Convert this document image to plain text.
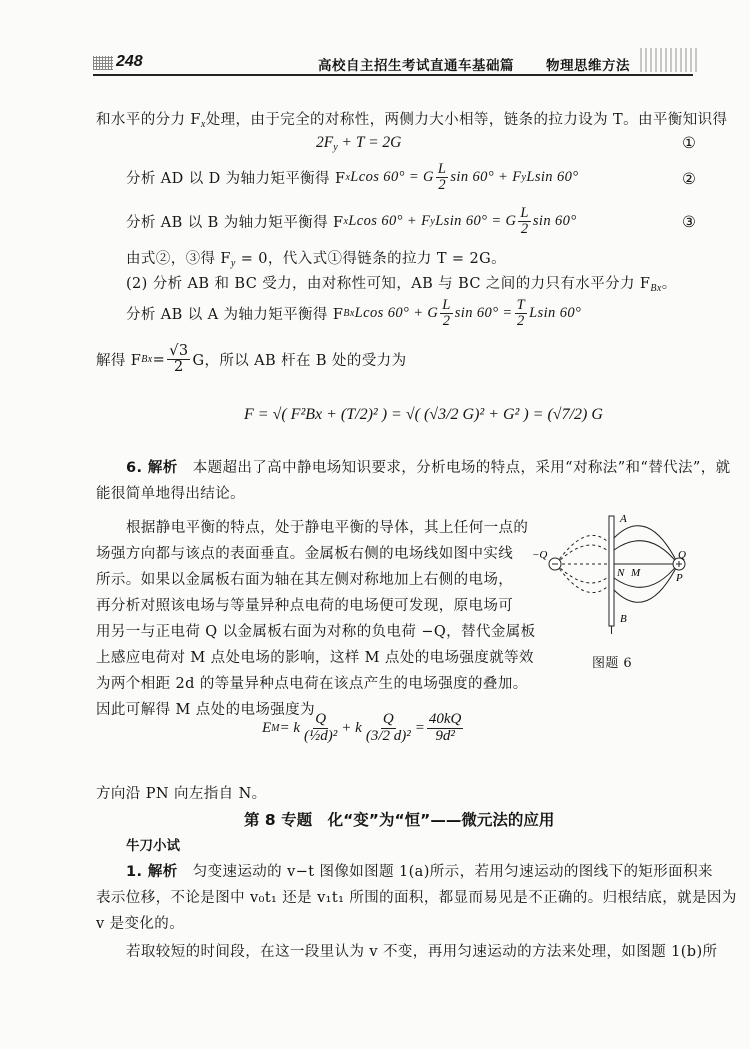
248	高校自主招生考试直通车基础篇 物理思维方法
和水平的分力 $F_x$处理，由于完全的对称性，两侧力大小相等，链条的拉力设为 T。由平衡知识得
$2F_y + T = 2G$	①
分析 AD 以 D 为轴力矩平衡得 F x Lcos 60° = G $\frac{L}{2}$ sin 60° + F y Lsin 60°	②
分析 AB 以 B 为轴力矩平衡得 F x Lcos 60° + F y Lsin 60° = G $\frac{L}{2}$ sin 60°	③
由式②，③得 $F_y = 0$，代入式①得链条的拉力 T = 2G。
(2) 分析 AB 和 BC 受力，由对称性可知，AB 与 BC 之间的力只有水平分力 $F_{Bx}$。
分析 AB 以 A 为轴力矩平衡得 F Bx Lcos 60° + G $\frac{L}{2}$ $\sin 60^\circ = \frac{T}{2}$ Lsin 60°
解得 F $Bx = \frac{√3}{2}$ G，所以 AB 杆在 B 处的受力为
F = √( F²Bx + (T/2)² ) = √( (√3/2 G)² + G² ) = (√7/2) G
6. 解析 本题超出了高中静电场知识要求，分析电场的特点，采用“对称法”和“替代法”，就
能很简单地得出结论。
根据静电平衡的特点，处于静电平衡的导体，其上任何一点的
场强方向都与该点的表面垂直。金属板右侧的电场线如图中实线
所示。如果以金属板右面为轴在其左侧对称地加上右侧的电场，
再分析对照该电场与等量异种点电荷的电场便可发现，原电场可
用另一与正电荷 Q 以金属板右面为对称的负电荷 −Q，替代金属板
上感应电荷对 M 点处电场的影响，这样 M 点处的电场强度就等效
为两个相距 2d 的等量异种点电荷在该点产生的电场强度的叠加。
因此可解得 M 点处的电场强度为
A
B
−Q	Q
N M	P
图题 6
E M = k $\frac{Q}{\text{(½d)²}} + k \frac{Q}{\text{(3/2 d)²}} = \frac{40kQ}{\text{9d²}}$
方向沿 PN 向左指自 N。
第 8 专题　化“变”为“恒”——微元法的应用
牛刀小试
1. 解析 匀变速运动的 v−t 图像如图题 1(a)所示，若用匀速运动的图线下的矩形面积来
表示位移，不论是图中 v₀t₁ 还是 v₁t₁ 所围的面积，都显而易见是不正确的。归根结底，就是因为
v 是变化的。
若取较短的时间段，在这一段里认为 v 不变，再用匀速运动的方法来处理，如图题 1(b)所
